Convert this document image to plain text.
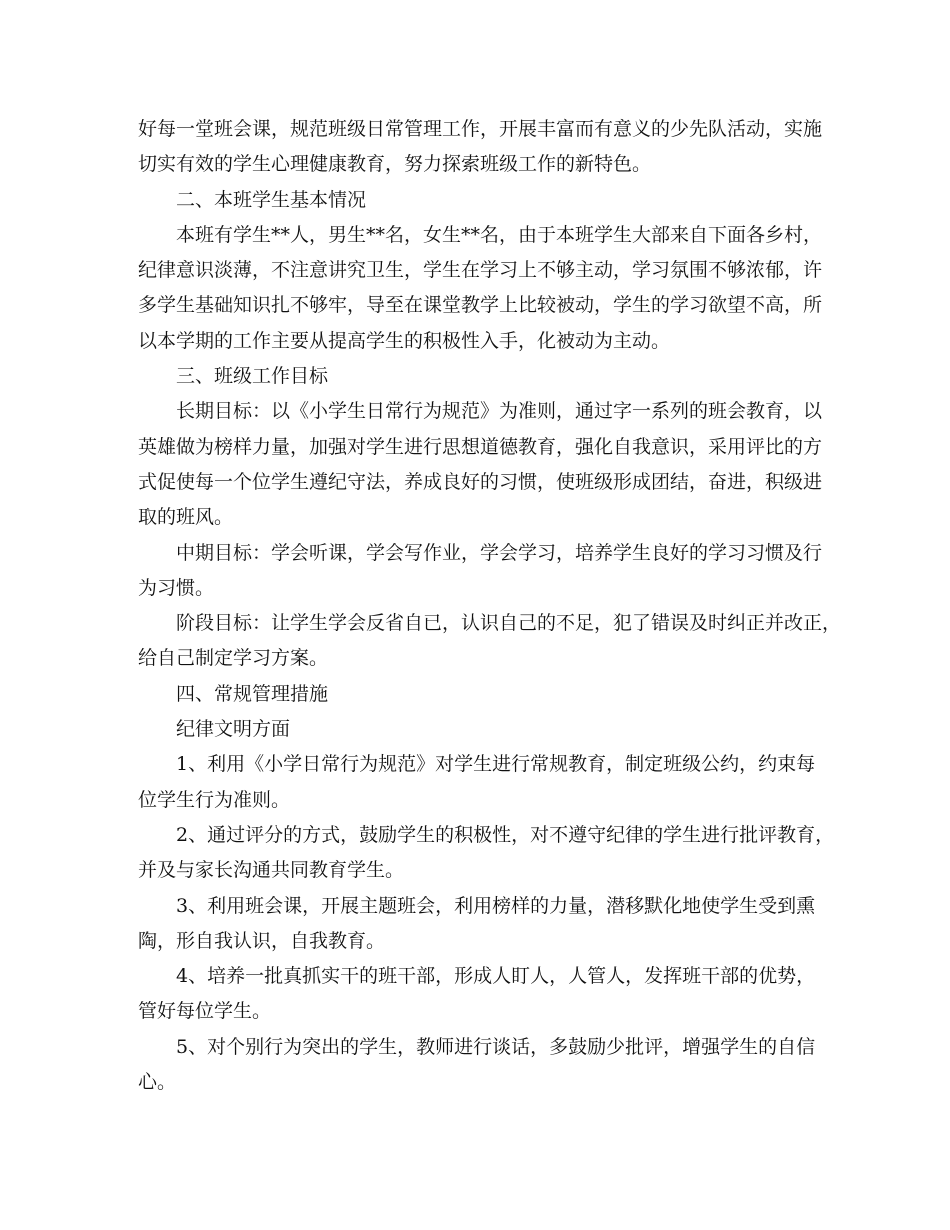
好每一堂班会课，规范班级日常管理工作，开展丰富而有意义的少先队活动，实施
切实有效的学生心理健康教育，努力探索班级工作的新特色。
二、本班学生基本情况
本班有学生**人，男生**名，女生**名，由于本班学生大部来自下面各乡村，
纪律意识淡薄，不注意讲究卫生，学生在学习上不够主动，学习氛围不够浓郁，许
多学生基础知识扎不够牢，导至在课堂教学上比较被动，学生的学习欲望不高，所
以本学期的工作主要从提高学生的积极性入手，化被动为主动。
三、班级工作目标
长期目标：以《小学生日常行为规范》为准则，通过字一系列的班会教育，以
英雄做为榜样力量，加强对学生进行思想道德教育，强化自我意识，采用评比的方
式促使每一个位学生遵纪守法，养成良好的习惯，使班级形成团结，奋进，积级进
取的班风。
中期目标：学会听课，学会写作业，学会学习，培养学生良好的学习习惯及行
为习惯。
阶段目标：让学生学会反省自已，认识自己的不足，犯了错误及时纠正并改正，
给自己制定学习方案。
四、常规管理措施
纪律文明方面
1、利用《小学日常行为规范》对学生进行常规教育，制定班级公约，约束每
位学生行为准则。
2、通过评分的方式，鼓励学生的积极性，对不遵守纪律的学生进行批评教育，
并及与家长沟通共同教育学生。
3、利用班会课，开展主题班会，利用榜样的力量，潜移默化地使学生受到熏
陶，形自我认识，自我教育。
4、培养一批真抓实干的班干部，形成人盯人，人管人，发挥班干部的优势，
管好每位学生。
5、对个别行为突出的学生，教师进行谈话，多鼓励少批评，增强学生的自信
心。
